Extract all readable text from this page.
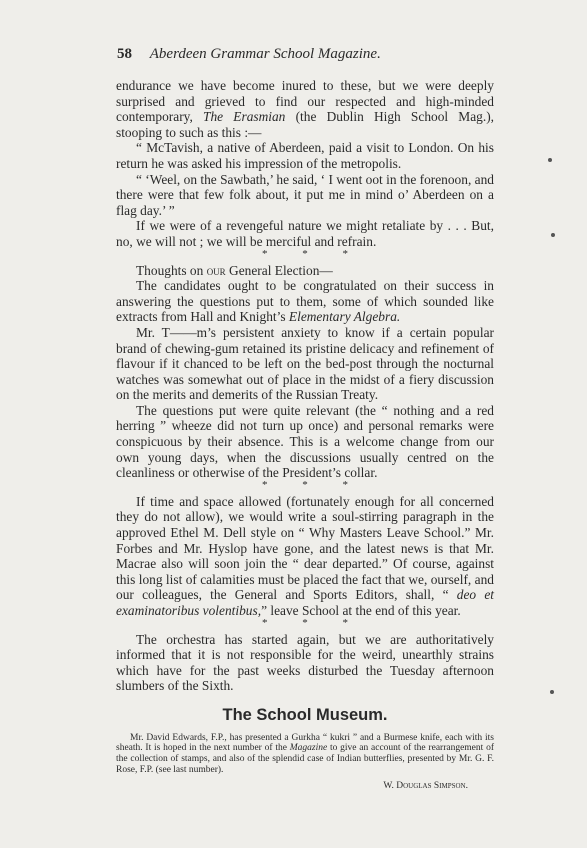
58 Aberdeen Grammar School Magazine.

endurance we have become inured to these, but we were deeply surprised and grieved to find our respected and high-minded contemporary, The Erasmian (the Dublin High School Mag.), stooping to such as this :—

“ McTavish, a native of Aberdeen, paid a visit to London. On his return he was asked his impression of the metropolis.

“ ‘Weel, on the Sawbath,’ he said, ‘ I went oot in the forenoon, and there were that few folk about, it put me in mind o’ Aberdeen on a flag day.’ ”

If we were of a revengeful nature we might retaliate by . . . But, no, we will not ; we will be merciful and refrain.

* * *

Thoughts on our General Election—

The candidates ought to be congratulated on their success in answering the questions put to them, some of which sounded like extracts from Hall and Knight’s Elementary Algebra.

Mr. T——m’s persistent anxiety to know if a certain popular brand of chewing-gum retained its pristine delicacy and refinement of flavour if it chanced to be left on the bed-post through the nocturnal watches was somewhat out of place in the midst of a fiery discussion on the merits and demerits of the Russian Treaty.

The questions put were quite relevant (the “ nothing and a red herring ” wheeze did not turn up once) and personal remarks were conspicuous by their absence. This is a welcome change from our own young days, when the discussions usually centred on the cleanliness or otherwise of the President’s collar.

* * *

If time and space allowed (fortunately enough for all concerned they do not allow), we would write a soul-stirring paragraph in the approved Ethel M. Dell style on “ Why Masters Leave School.” Mr. Forbes and Mr. Hyslop have gone, and the latest news is that Mr. Macrae also will soon join the “ dear departed.” Of course, against this long list of calamities must be placed the fact that we, ourself, and our colleagues, the General and Sports Editors, shall, “ deo et examinatoribus volentibus,” leave School at the end of this year.

* * *

The orchestra has started again, but we are authoritatively informed that it is not responsible for the weird, unearthly strains which have for the past weeks disturbed the Tuesday afternoon slumbers of the Sixth.

The School Museum.

Mr. David Edwards, F.P., has presented a Gurkha “ kukri ” and a Burmese knife, each with its sheath. It is hoped in the next number of the Magazine to give an account of the rearrangement of the collection of stamps, and also of the splendid case of Indian butterflies, presented by Mr. G. F. Rose, F.P. (see last number).

W. Douglas Simpson.
